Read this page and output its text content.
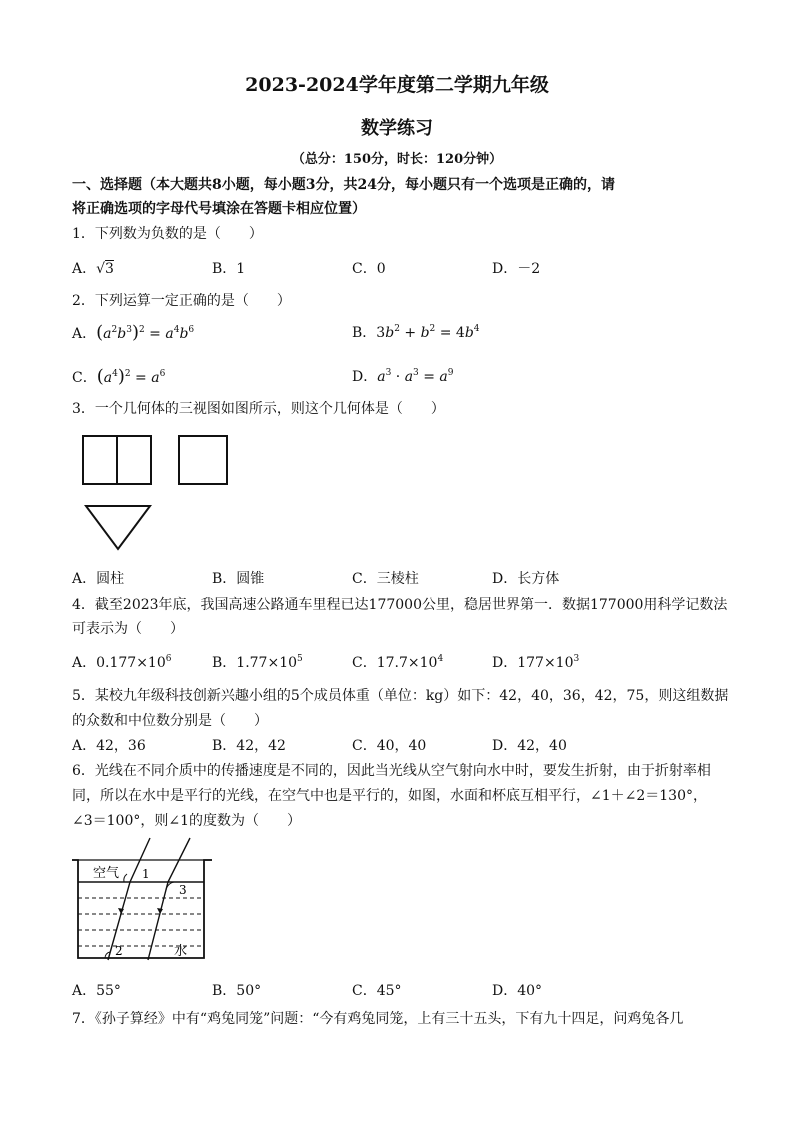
2023-2024学年度第二学期九年级
数学练习
（总分：150分，时长：120分钟）
一、选择题（本大题共8小题，每小题3分，共24分，每小题只有一个选项是正确的，请
将正确选项的字母代号填涂在答题卡相应位置）
1．下列数为负数的是（　　）
A．√3	B．1	C．0	D．－2
2．下列运算一定正确的是（　　）
A．$(a^2b^3)^2 = a^4b^6$	B．$3b^2 + b^2 = 4b^4$
C．$(a^4)^2 = a^6$	D．$a^3 \cdot a^3 = a^9$
3．一个几何体的三视图如图所示，则这个几何体是（　　）
A．圆柱	B．圆锥	C．三棱柱	D．长方体
4．截至2023年底，我国高速公路通车里程已达177000公里，稳居世界第一．数据177000用科学记数法
可表示为（　　）
A．$0.177\times 10^6$	B．$1.77\times 10^5$	C．$17.7\times 10^4$	D．$177\times 10^3$
5．某校九年级科技创新兴趣小组的5个成员体重（单位：kg）如下：42，40，36，42，75，则这组数据
的众数和中位数分别是（　　）
A．42，36	B．42，42	C．40，40	D．42，40
6．光线在不同介质中的传播速度是不同的，因此当光线从空气射向水中时，要发生折射，由于折射率相
同，所以在水中是平行的光线，在空气中也是平行的，如图，水面和杯底互相平行，∠1＋∠2＝130°，
∠3＝100°，则∠1的度数为（　　）
空气 1
3
2	水
A．55°	B．50°	C．45°	D．40°
7．《孙子算经》中有“鸡兔同笼”问题：“今有鸡兔同笼，上有三十五头，下有九十四足，问鸡兔各几
